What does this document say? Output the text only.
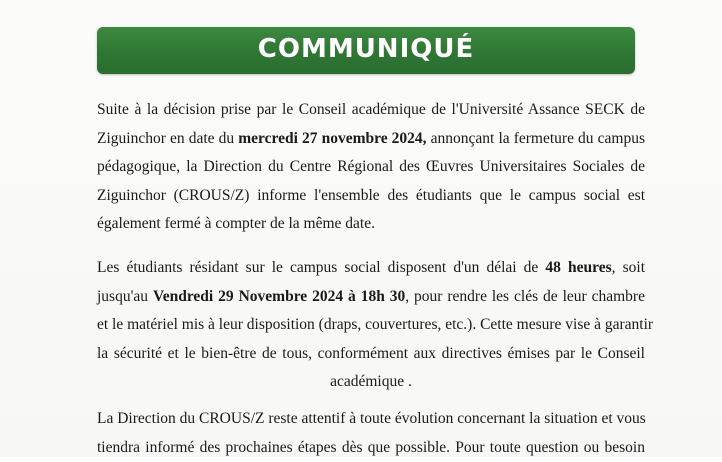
COMMUNIQUÉ
Suite à la décision prise par le Conseil académique de l'Université Assance SECK de
Ziguinchor en date du mercredi 27 novembre 2024, annonçant la fermeture du campus
pédagogique, la Direction du Centre Régional des Œuvres Universitaires Sociales de
Ziguinchor (CROUS/Z) informe l'ensemble des étudiants que le campus social est
également fermé à compter de la même date.
Les étudiants résidant sur le campus social disposent d'un délai de 48 heures, soit
jusqu'au Vendredi 29 Novembre 2024 à 18h 30, pour rendre les clés de leur chambre
et le matériel mis à leur disposition (draps, couvertures, etc.). Cette mesure vise à garantir
la sécurité et le bien-être de tous, conformément aux directives émises par le Conseil
académique .
La Direction du CROUS/Z reste attentif à toute évolution concernant la situation et vous
tiendra informé des prochaines étapes dès que possible. Pour toute question ou besoin
